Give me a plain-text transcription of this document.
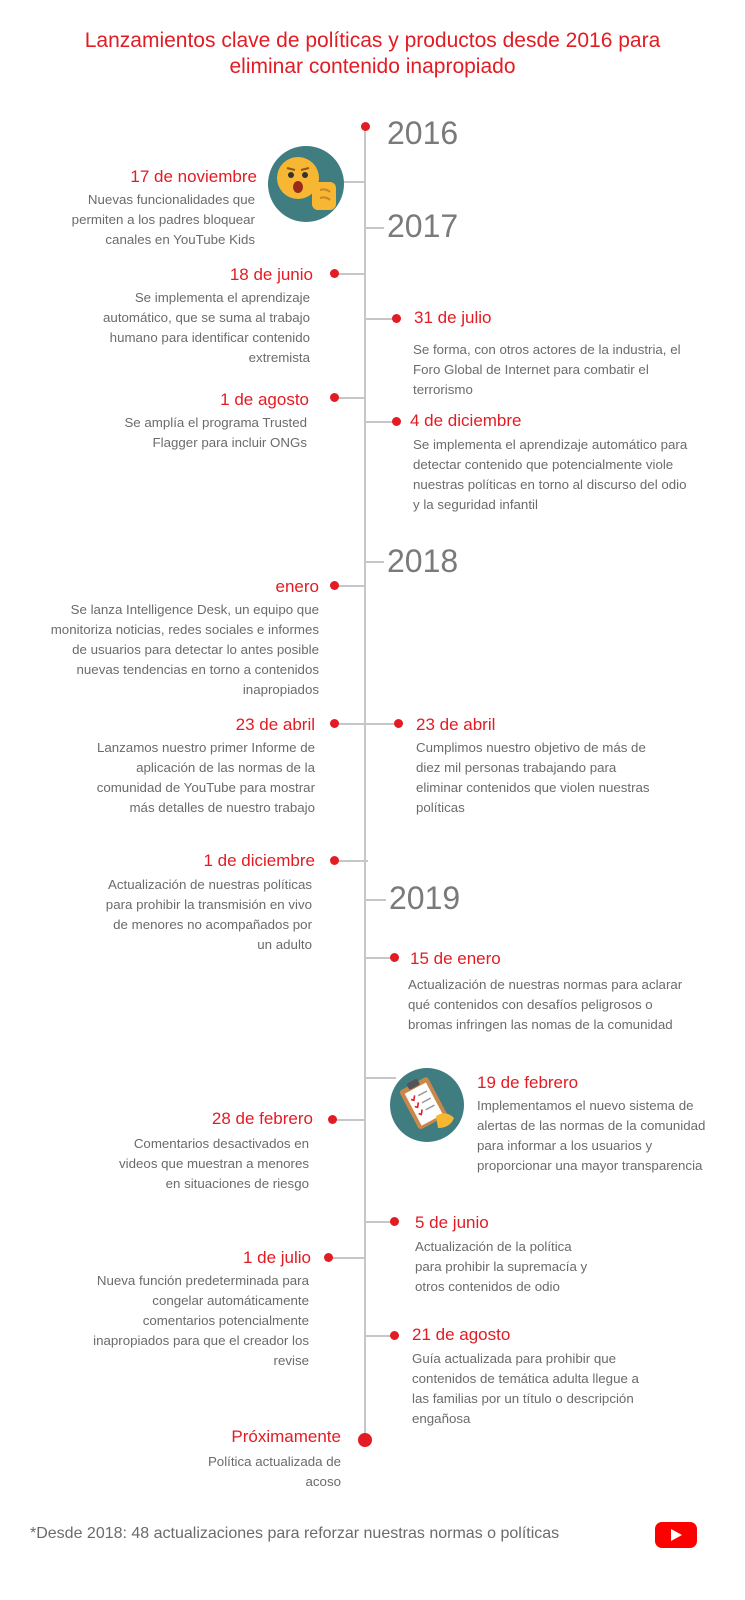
Lanzamientos clave de políticas y productos desde 2016 para eliminar contenido inapropiado
2016
2017
2018
2019
17 de noviembre
Nuevas funcionalidades que permiten a los padres bloquear canales en YouTube Kids
18 de junio
Se implementa el aprendizaje automático, que se suma al trabajo humano para identificar contenido extremista
31 de julio
Se forma, con otros actores de la industria, el Foro Global de Internet para combatir el terrorismo
1 de agosto
Se amplía el programa Trusted Flagger para incluir ONGs
4 de diciembre
Se implementa el aprendizaje automático para detectar contenido que potencialmente viole nuestras políticas en torno al discurso del odio y la seguridad infantil
enero
Se lanza Intelligence Desk, un equipo que monitoriza noticias, redes sociales e informes de usuarios para detectar lo antes posible nuevas tendencias en torno a contenidos inapropiados
23 de abril
Lanzamos nuestro primer Informe de aplicación de las normas de la comunidad de YouTube para mostrar más detalles de nuestro trabajo
23 de abril
Cumplimos nuestro objetivo de más de diez mil personas trabajando para eliminar contenidos que violen nuestras políticas
1 de diciembre
Actualización de nuestras políticas para prohibir la transmisión en vivo de menores no acompañados por un adulto
15 de enero
Actualización de nuestras normas para aclarar qué contenidos con desafíos peligrosos o bromas infringen las nomas de la comunidad
19 de febrero
Implementamos el nuevo sistema de alertas de las normas de la comunidad para informar a los usuarios y proporcionar una mayor transparencia
28 de febrero
Comentarios desactivados en videos que muestran a menores en situaciones de riesgo
5 de junio
Actualización de la política para prohibir la supremacía y otros contenidos de odio
1 de julio
Nueva función predeterminada para congelar automáticamente comentarios potencialmente inapropiados para que el creador los revise
21 de agosto
Guía actualizada para prohibir que contenidos de temática adulta llegue a las familias por un título o descripción engañosa
Próximamente
Política actualizada de acoso
*Desde 2018: 48 actualizaciones para reforzar nuestras normas o políticas
